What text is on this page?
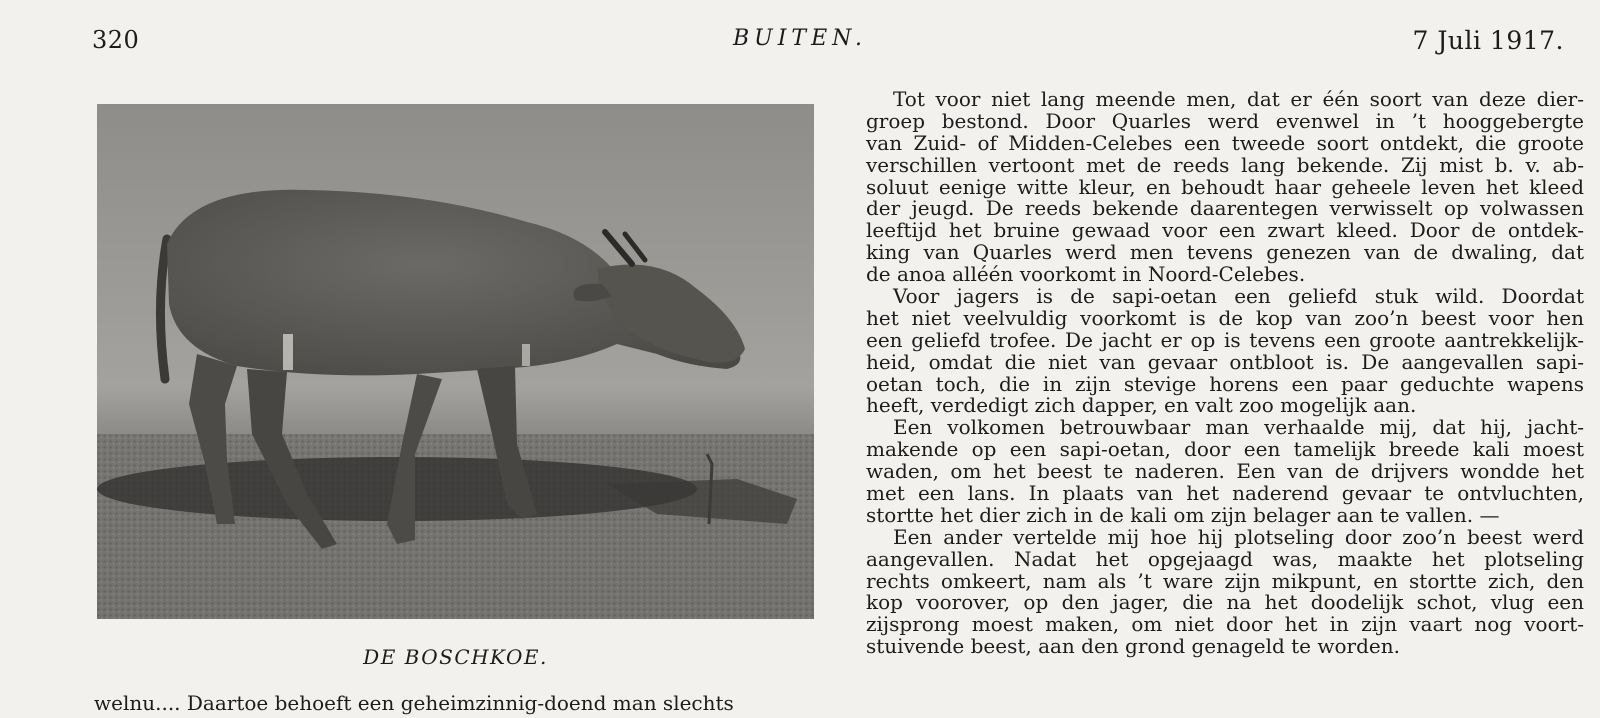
320	BUITEN.	7 Juli 1917.
DE BOSCHKOE.
welnu.... Daartoe behoeft een geheimzinnig-doend man slechts
Tot voor niet lang meende men, dat er één soort van deze dier-
groep bestond. Door Quarles werd evenwel in ’t hooggebergte
van Zuid- of Midden-Celebes een tweede soort ontdekt, die groote
verschillen vertoont met de reeds lang bekende. Zij mist b. v. ab-
soluut eenige witte kleur, en behoudt haar geheele leven het kleed
der jeugd. De reeds bekende daarentegen verwisselt op volwassen
leeftijd het bruine gewaad voor een zwart kleed. Door de ontdek-
king van Quarles werd men tevens genezen van de dwaling, dat
de anoa alléén voorkomt in Noord-Celebes.
Voor jagers is de sapi-oetan een geliefd stuk wild. Doordat
het niet veelvuldig voorkomt is de kop van zoo’n beest voor hen
een geliefd trofee. De jacht er op is tevens een groote aantrekkelijk-
heid, omdat die niet van gevaar ontbloot is. De aangevallen sapi-
oetan toch, die in zijn stevige horens een paar geduchte wapens
heeft, verdedigt zich dapper, en valt zoo mogelijk aan.
Een volkomen betrouwbaar man verhaalde mij, dat hij, jacht-
makende op een sapi-oetan, door een tamelijk breede kali moest
waden, om het beest te naderen. Een van de drijvers wondde het
met een lans. In plaats van het naderend gevaar te ontvluchten,
stortte het dier zich in de kali om zijn belager aan te vallen. —
Een ander vertelde mij hoe hij plotseling door zoo’n beest werd
aangevallen. Nadat het opgejaagd was, maakte het plotseling
rechts omkeert, nam als ’t ware zijn mikpunt, en stortte zich, den
kop voorover, op den jager, die na het doodelijk schot, vlug een
zijsprong moest maken, om niet door het in zijn vaart nog voort-
stuivende beest, aan den grond genageld te worden.
